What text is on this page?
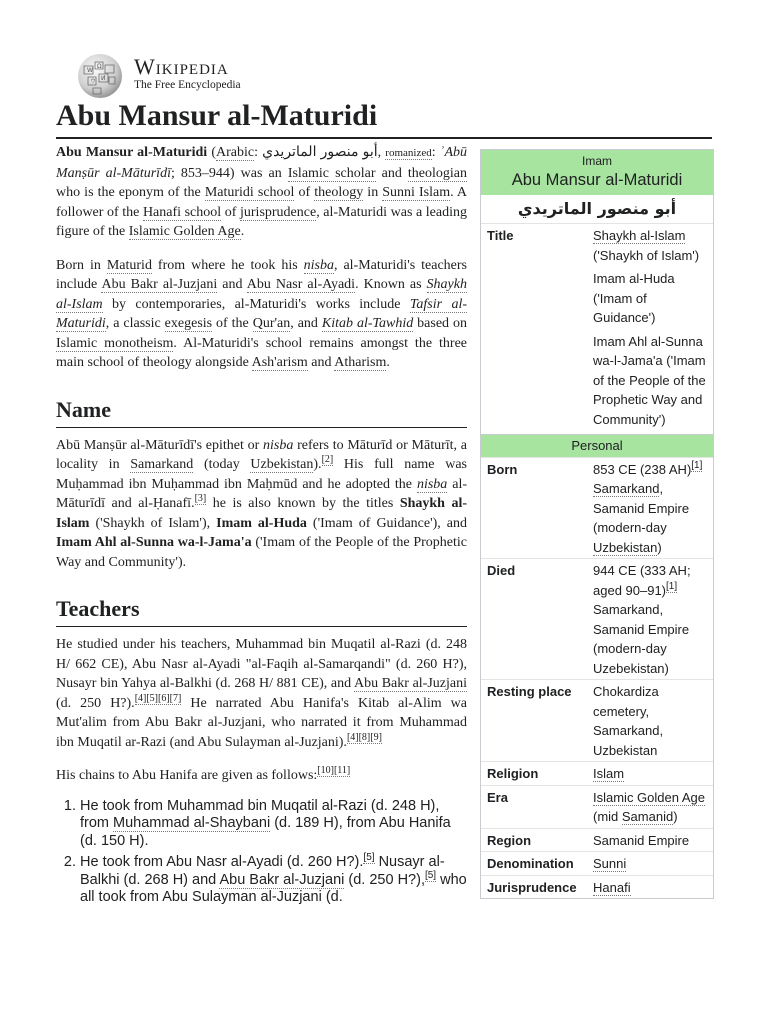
W
Ω
И
ウ
Wikipedia
The Free Encyclopedia
Abu Mansur al-Maturidi

Abu Mansur al-Maturidi (Arabic: أبو منصور الماتريدي‎, romanized: ʾAbū Manṣūr al-Māturīdī; 853–944) was an Islamic scholar and theologian who is the eponym of the Maturidi school of theology in Sunni Islam. A follower of the Hanafi school of jurisprudence, al-Maturidi was a leading figure of the Islamic Golden Age.

Born in Maturid from where he took his nisba, al-Maturidi's teachers include Abu Bakr al-Juzjani and Abu Nasr al-Ayadi. Known as Shaykh al-Islam by contemporaries, al-Maturidi's works include Tafsir al-Maturidi, a classic exegesis of the Qur'an, and Kitab al-Tawhid based on Islamic monotheism. Al-Maturidi's school remains amongst the three main school of theology alongside Ash'arism and Atharism.

Name

Abū Manṣūr al-Māturīdī's epithet or nisba refers to Māturīd or Māturīt, a locality in Samarkand (today Uzbekistan).[2] His full name was Muḥammad ibn Muḥammad ibn Maḥmūd and he adopted the nisba al-Māturīdī and al-Ḥanafī.[3] he is also known by the titles Shaykh al-Islam ('Shaykh of Islam'), Imam al-Huda ('Imam of Guidance'), and Imam Ahl al-Sunna wa-l-Jama'a ('Imam of the People of the Prophetic Way and Community').

Teachers

He studied under his teachers, Muhammad bin Muqatil al-Razi (d. 248 H/ 662 CE), Abu Nasr al-Ayadi "al-Faqih al-Samarqandi" (d. 260 H?), Nusayr bin Yahya al-Balkhi (d. 268 H/ 881 CE), and Abu Bakr al-Juzjani (d. 250 H?).[4][5][6][7] He narrated Abu Hanifa's Kitab al-Alim wa Mut'alim from Abu Bakr al-Juzjani, who narrated it from Muhammad ibn Muqatil ar-Razi (and Abu Sulayman al-Juzjani).[4][8][9]

His chains to Abu Hanifa are given as follows:[10][11]

1. He took from Muhammad bin Muqatil al-Razi (d. 248 H), from Muhammad al-Shaybani (d. 189 H), from Abu Hanifa (d. 150 H).
2. He took from Abu Nasr al-Ayadi (d. 260 H?).[5] Nusayr al-Balkhi (d. 268 H) and Abu Bakr al-Juzjani (d. 250 H?),[5] who all took from Abu Sulayman al-Juzjani (d.
Imam
Abu Mansur al-Maturidi
أبو منصور الماتريدي
Title	Shaykh al-Islam ('Shaykh of Islam')
Imam al-Huda ('Imam of Guidance')
Imam Ahl al-Sunna wa-l-Jama'a ('Imam of the People of the Prophetic Way and Community')
Personal
Born	853 CE (238 AH)[1] Samarkand, Samanid Empire (modern-day Uzbekistan)
Died	944 CE (333 AH; aged 90–91)[1] Samarkand, Samanid Empire (modern-day Uzebekistan)
Resting place	Chokardiza cemetery, Samarkand, Uzbekistan
Religion	Islam
Era	Islamic Golden Age (mid Samanid)
Region	Samanid Empire
Denomination	Sunni
Jurisprudence	Hanafi
